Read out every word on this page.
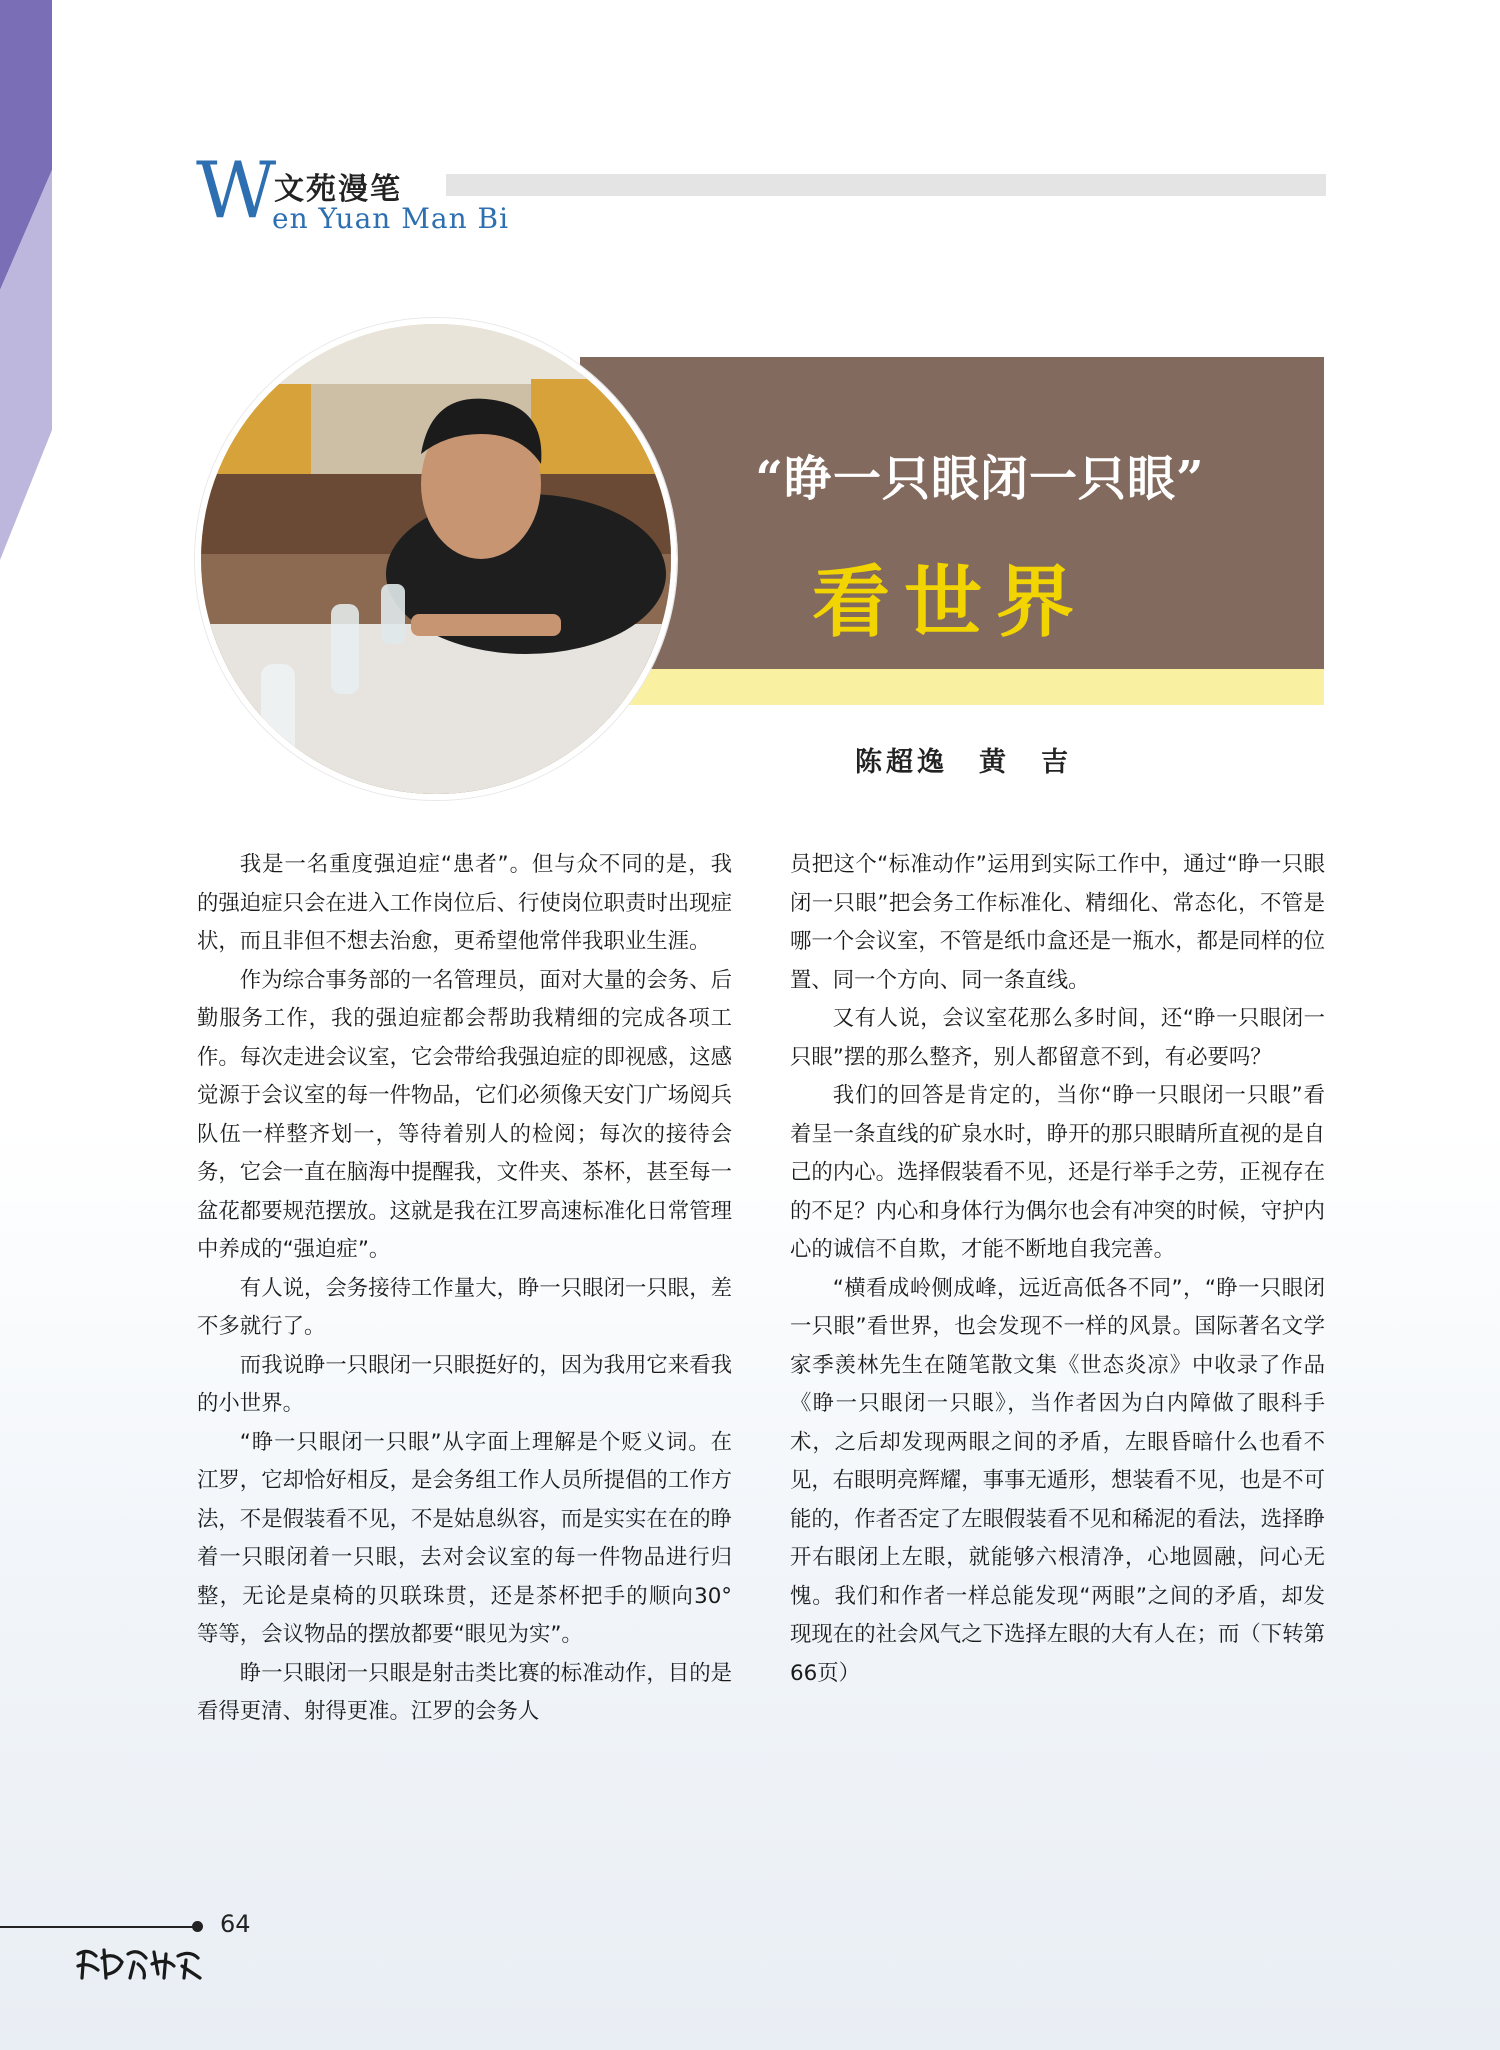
W
文苑漫笔
en Yuan Man Bi
“睁一只眼闭一只眼”
看世界
陈超逸　黄　吉

我是一名重度强迫症“患者”。但与众不同的是，我的强迫症只会在进入工作岗位后、行使岗位职责时出现症状，而且非但不想去治愈，更希望他常伴我职业生涯。

作为综合事务部的一名管理员，面对大量的会务、后勤服务工作，我的强迫症都会帮助我精细的完成各项工作。每次走进会议室，它会带给我强迫症的即视感，这感觉源于会议室的每一件物品，它们必须像天安门广场阅兵队伍一样整齐划一，等待着别人的检阅；每次的接待会务，它会一直在脑海中提醒我，文件夹、茶杯，甚至每一盆花都要规范摆放。这就是我在江罗高速标准化日常管理中养成的“强迫症”。

有人说，会务接待工作量大，睁一只眼闭一只眼，差不多就行了。

而我说睁一只眼闭一只眼挺好的，因为我用它来看我的小世界。

“睁一只眼闭一只眼”从字面上理解是个贬义词。在江罗，它却恰好相反，是会务组工作人员所提倡的工作方法，不是假装看不见，不是姑息纵容，而是实实在在的睁着一只眼闭着一只眼，去对会议室的每一件物品进行归整，无论是桌椅的贝联珠贯，还是茶杯把手的顺向30° 等等，会议物品的摆放都要“眼见为实”。

睁一只眼闭一只眼是射击类比赛的标准动作，目的是看得更清、射得更准。江罗的会务人

员把这个“标准动作”运用到实际工作中，通过“睁一只眼闭一只眼”把会务工作标准化、精细化、常态化，不管是哪一个会议室，不管是纸巾盒还是一瓶水，都是同样的位置、同一个方向、同一条直线。

又有人说，会议室花那么多时间，还“睁一只眼闭一只眼”摆的那么整齐，别人都留意不到，有必要吗？

我们的回答是肯定的，当你“睁一只眼闭一只眼”看着呈一条直线的矿泉水时，睁开的那只眼睛所直视的是自己的内心。选择假装看不见，还是行举手之劳，正视存在的不足？内心和身体行为偶尔也会有冲突的时候，守护内心的诚信不自欺，才能不断地自我完善。

“横看成岭侧成峰，远近高低各不同”，“睁一只眼闭一只眼”看世界，也会发现不一样的风景。国际著名文学家季羡林先生在随笔散文集《世态炎凉》中收录了作品《睁一只眼闭一只眼》，当作者因为白内障做了眼科手术，之后却发现两眼之间的矛盾，左眼昏暗什么也看不见，右眼明亮辉耀，事事无遁形，想装看不见，也是不可能的，作者否定了左眼假装看不见和稀泥的看法，选择睁开右眼闭上左眼，就能够六根清净，心地圆融，问心无愧。我们和作者一样总能发现“两眼”之间的矛盾，却发现现在的社会风气之下选择左眼的大有人在；而（下转第66页）

64
